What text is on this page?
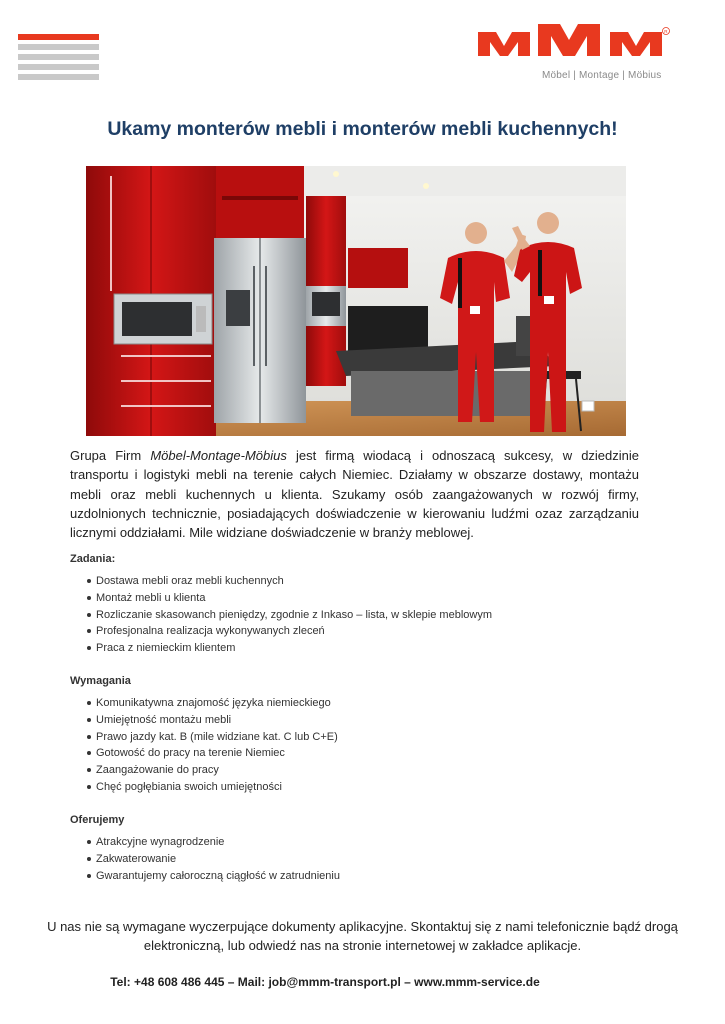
R
Möbel | Montage | Möbius
Ukamy monterów mebli i monterów mebli kuchennych!

Grupa Firm Möbel-Montage-Möbius jest firmą wiodacą i odnoszacą sukcesy, w dziedzinie transportu i logistyki mebli na terenie całych Niemiec. Działamy w obszarze dostawy, montażu mebli oraz mebli kuchennych u klienta. Szukamy osób zaangażowanych w rozwój firmy, uzdolnionych technicznie, posiadających doświadczenie w kierowaniu ludźmi ozaz zarządzaniu licznymi oddziałami. Mile widziane doświadczenie w branży meblowej.

Zadania:
Dostawa mebli oraz mebli kuchennych
Montaż mebli u klienta
Rozliczanie skasowanch pieniędzy, zgodnie z Inkaso – lista, w sklepie meblowym
Profesjonalna realizacja wykonywanych zleceń
Praca z niemieckim klientem
Wymagania
Komunikatywna znajomość języka niemieckiego
Umiejętność montażu mebli
Prawo jazdy kat. B (mile widziane kat. C lub C+E)
Gotowość do pracy na terenie Niemiec
Zaangażowanie do pracy
Chęć pogłębiania swoich umiejętności
Oferujemy
Atrakcyjne wynagrodzenie
Zakwaterowanie
Gwarantujemy całoroczną ciągłość w zatrudnieniu

U nas nie są wymagane wyczerpujące dokumenty aplikacyjne. Skontaktuj się z nami telefonicznie bądź drogą elektroniczną, lub odwiedź nas na stronie internetowej w zakładce aplikacje.

Tel: +48 608 486 445 – Mail: job@mmm-transport.pl – www.mmm-service.de
